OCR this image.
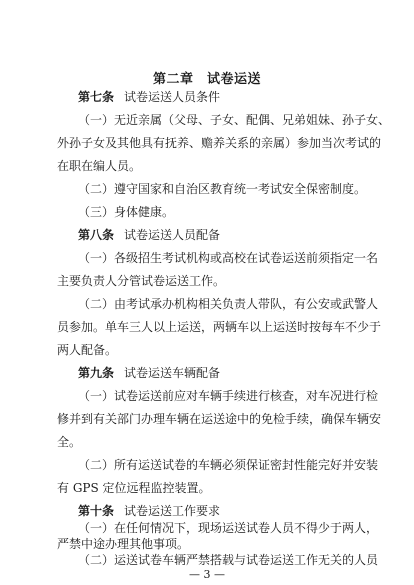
第二章　试卷运送
第七条 试卷运送人员条件
（一）无近亲属（父母、子女、配偶、兄弟姐妹、孙子女、
外孙子女及其他具有抚养、赡养关系的亲属）参加当次考试的
在职在编人员。
（二）遵守国家和自治区教育统一考试安全保密制度。
（三）身体健康。
第八条 试卷运送人员配备
（一）各级招生考试机构或高校在试卷运送前须指定一名
主要负责人分管试卷运送工作。
（二）由考试承办机构相关负责人带队，有公安或武警人
员参加。单车三人以上运送，两辆车以上运送时按每车不少于
两人配备。
第九条 试卷运送车辆配备
（一）试卷运送前应对车辆手续进行核查，对车况进行检
修并到有关部门办理车辆在运送途中的免检手续，确保车辆安
全。
（二）所有运送试卷的车辆必须保证密封性能完好并安装
有 GPS 定位远程监控装置。
第十条 试卷运送工作要求
（一）在任何情况下，现场运送试卷人员不得少于两人，
严禁中途办理其他事项。
（二）运送试卷车辆严禁搭载与试卷运送工作无关的人员
— 3 —
